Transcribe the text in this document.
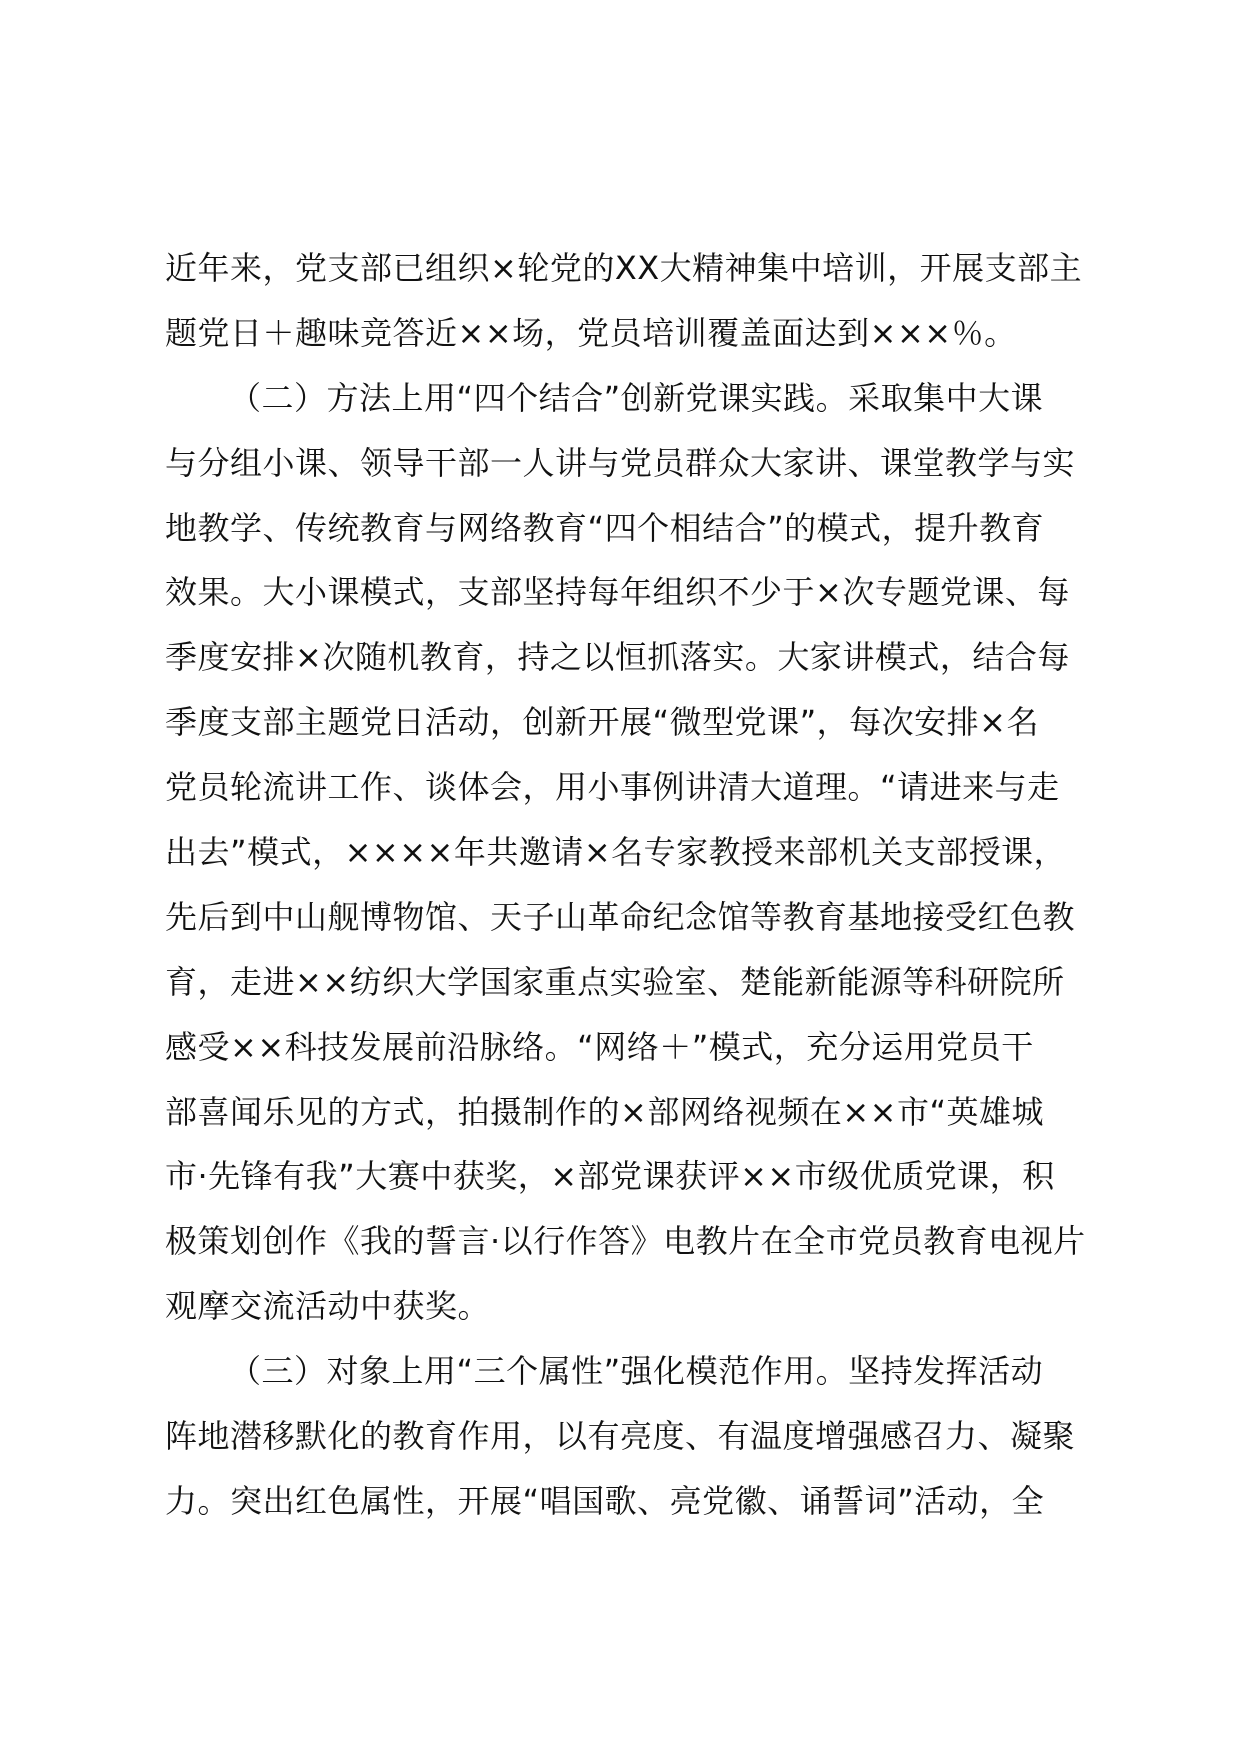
近年来，党支部已组织×轮党的XX大精神集中培训，开展支部主
题党日＋趣味竞答近××场，党员培训覆盖面达到×××％。
（二）方法上用“四个结合”创新党课实践。采取集中大课
与分组小课、领导干部一人讲与党员群众大家讲、课堂教学与实
地教学、传统教育与网络教育“四个相结合”的模式，提升教育
效果。大小课模式，支部坚持每年组织不少于×次专题党课、每
季度安排×次随机教育，持之以恒抓落实。大家讲模式，结合每
季度支部主题党日活动，创新开展“微型党课”，每次安排×名
党员轮流讲工作、谈体会，用小事例讲清大道理。“请进来与走
出去”模式，××××年共邀请×名专家教授来部机关支部授课，
先后到中山舰博物馆、天子山革命纪念馆等教育基地接受红色教
育，走进××纺织大学国家重点实验室、楚能新能源等科研院所
感受××科技发展前沿脉络。“网络＋”模式，充分运用党员干
部喜闻乐见的方式，拍摄制作的×部网络视频在××市“英雄城
市·先锋有我”大赛中获奖，×部党课获评××市级优质党课，积
极策划创作《我的誓言·以行作答》电教片在全市党员教育电视片
观摩交流活动中获奖。
（三）对象上用“三个属性”强化模范作用。坚持发挥活动
阵地潜移默化的教育作用，以有亮度、有温度增强感召力、凝聚
力。突出红色属性，开展“唱国歌、亮党徽、诵誓词”活动，全
